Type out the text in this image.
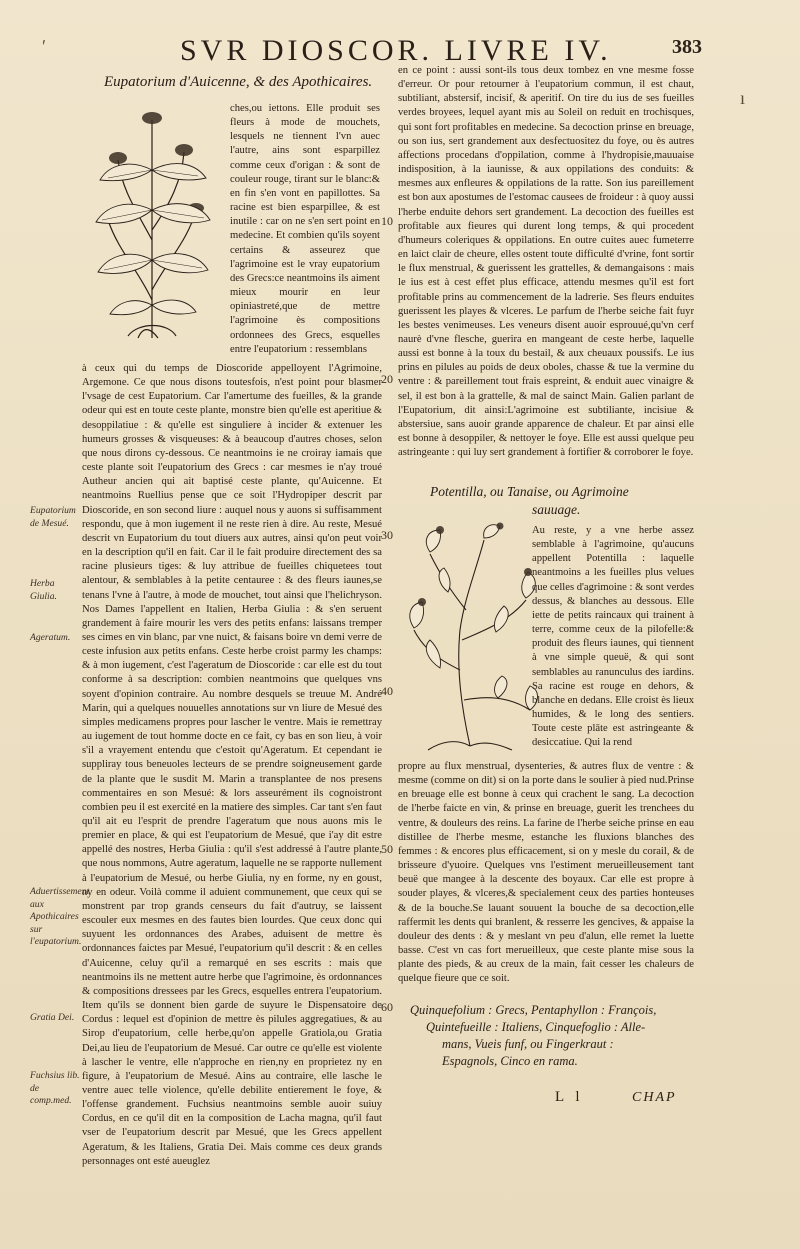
SVR DIOSCOR. LIVRE IV.	383
ʹ
ı
Eupatorium d'Auicenne, & des Apothicaires.

ches,ou iettons. Elle produit ses fleurs à mode de mouchets, lesquels ne tiennent l'vn auec l'autre, ains sont esparpillez comme ceux d'origan : & sont de couleur rouge, tirant sur le blanc:& en fin s'en vont en papillottes. Sa racine est bien esparpillee, & est inutile : car on ne s'en sert point en medecine. Et combien qu'ils soyent certains & asseurez que l'agrimoine est le vray eupatorium des Grecs:ce neantmoins ils aiment mieux mourir en leur opiniastreté,que de mettre l'agrimoine ès compositions ordonnees des Grecs, esquelles entre l'eupatorium : ressemblans

à ceux qui du temps de Dioscoride appelloyent l'Agrimoine, Argemone. Ce que nous disons toutesfois, n'est point pour blasmer l'vsage de cest Eupatorium. Car l'amertume des fueilles, & la grande odeur qui est en toute ceste plante, monstre bien qu'elle est aperitiue & desoppilatiue : & qu'elle est singuliere à incider & extenuer les humeurs grosses & visqueuses: & à beaucoup d'autres choses, selon que nous dirons cy-dessous. Ce neantmoins ie ne croiray iamais que ceste plante soit l'eupatorium des Grecs : car mesmes ie n'ay troué Autheur ancien qui ait baptisé ceste plante, qu'Auicenne. Et neantmoins Ruellius pense que ce soit l'Hydropiper descrit par Dioscoride, en son second liure : auquel nous y auons si suffisamment respondu, que à mon iugement il ne reste rien à dire. Au reste, Mesué descrit vn Eupatorium du tout diuers aux autres, ainsi qu'on peut voir en la description qu'il en fait. Car il le fait produire directement des sa racine plusieurs tiges: & luy attribue de fueilles chiquetees tout alentour, & semblables à la petite centauree : & des fleurs iaunes,se tenans l'vne à l'autre, à mode de mouchet, tout ainsi que l'helichryson. Nos Dames l'appellent en Italien, Herba Giulia : & s'en seruent grandement à faire mourir les vers des petits enfans: laissans tremper ses cimes en vin blanc, par vne nuict, & faisans boire vn demi verre de ceste infusion aux petits enfans. Ceste herbe croist parmy les champs: & à mon iugement, c'est l'ageratum de Dioscoride : car elle est du tout conforme à sa description: combien neantmoins que quelques vns soyent d'opinion contraire. Au nombre desquels se treuue M. André Marin, qui a quelques nouuelles annotations sur vn liure de Mesué des simples medicamens propres pour lascher le ventre. Mais ie remettray au iugement de tout homme docte en ce fait, cy bas en son lieu, à voir s'il a vrayement entendu que c'estoit qu'Ageratum. Et cependant ie suppliray tous beneuoles lecteurs de se prendre soigneusement garde de la plante que le susdit M. Marin a transplantee de nos presens commentaires en son Mesué: & lors asseurément ils cognoistront combien peu il est exercité en la matiere des simples. Car tant s'en faut qu'il ait eu l'esprit de prendre l'ageratum que nous auons mis le premier en place, & qui est l'eupatorium de Mesué, que i'ay dit estre appellé des nostres, Herba Giulia : qu'il s'est addressé à l'autre plante, que nous nommons, Autre ageratum, laquelle ne se rapporte nullement à l'eupatorium de Mesué, ou herbe Giulia, ny en forme, ny en goust, ny en odeur. Voilà comme il aduient communement, que ceux qui se monstrent par trop grands censeurs du fait d'autruy, se laissent escouler eux mesmes en des fautes bien lourdes. Que ceux donc qui suyuent les ordonnances des Arabes, aduisent de mettre ès ordonnances faictes par Mesué, l'eupatorium qu'il descrit : & en celles d'Auicenne, celuy qu'il a remarqué en ses escrits : mais que neantmoins ils ne mettent autre herbe que l'agrimoine, ès ordonnances & compositions dressees par les Grecs, esquelles entrera l'eupatorium. Item qu'ils se donnent bien garde de suyure le Dispensatoire de Cordus : lequel est d'opinion de mettre ès pilules aggregatiues, & au Sirop d'eupatorium, celle herbe,qu'on appelle Gratiola,ou Gratia Dei,au lieu de l'eupatorium de Mesué. Car outre ce qu'elle est violente à lascher le ventre, elle n'approche en rien,ny en proprietez ny en figure, à l'eupatorium de Mesué. Ains au contraire, elle lasche le ventre auec telle violence, qu'elle debilite entierement le foye, & l'offense grandement. Fuchsius neantmoins semble auoir suiuy Cordus, en ce qu'il dit en la composition de Lacha magna, qu'il faut vser de l'eupatorium descrit par Mesué, que les Grecs appellent Ageratum, & les Italiens, Gratia Dei. Mais comme ces deux grands personnages ont esté aueuglez

Eupatorium de Mesué.
Herba Giulia.
Ageratum.
Aduertissement aux Apothicaires sur l'eupatorium.
Gratia Dei.
Fuchsius lib. de comp.med.
10
20
30
40
50
60

en ce point : aussi sont-ils tous deux tombez en vne mesme fosse d'erreur. Or pour retourner à l'eupatorium commun, il est chaut, subtiliant, abstersif, incisif, & aperitif. On tire du ius de ses fueilles verdes broyees, lequel ayant mis au Soleil on reduit en trochisques, qui sont fort profitables en medecine. Sa decoction prinse en breuage, ou son ius, sert grandement aux desfectuositez du foye, ou ès autres affections procedans d'oppilation, comme à l'hydropisie,mauuaise indisposition, à la iaunisse, & aux oppilations des conduits: & mesmes aux enfleures & oppilations de la ratte. Son ius pareillement est bon aux apostumes de l'estomac causees de froideur : à quoy aussi l'herbe enduite dehors sert grandement. La decoction des fueilles est profitable aux fieures qui durent long temps, & qui procedent d'humeurs coleriques & oppilations. En outre cuites auec fumeterre en laict clair de cheure, elles ostent toute difficulté d'vrine, font sortir le flux menstrual, & guerissent les grattelles, & demangaisons : mais le ius est à cest effet plus efficace, attendu mesmes qu'il est fort profitable prins au commencement de la ladrerie. Ses fleurs enduites guerissent les playes & vlceres. Le parfum de l'herbe seiche fait fuyr les bestes venimeuses. Les veneurs disent auoir esprouué,qu'vn cerf naurè d'vne flesche, guerira en mangeant de ceste herbe, laquelle aussi est bonne à la toux du bestail, & aux cheuaux poussifs. Le ius prins en pilules au poids de deux oboles, chasse & tue la vermine du ventre : & pareillement tout frais espreint, & enduit auec vinaigre & sel, il est bon à la grattelle, & mal de sainct Main. Galien parlant de l'Eupatorium, dit ainsi:L'agrimoine est subtiliante, incisiue & abstersiue, sans auoir grande apparence de chaleur. Et par ainsi elle est bonne à desoppiler, & nettoyer le foye. Elle est aussi quelque peu astringeante : qui luy sert grandement à fortifier & corroborer le foye.

Potentilla, ou Tanaise, ou Agrimoine
sauuage.

Au reste, y a vne herbe assez semblable à l'agrimoine, qu'aucuns appellent Potentilla : laquelle neantmoins a les fueilles plus velues que celles d'agrimoine : & sont verdes dessus, & blanches au dessous. Elle iette de petits raincaux qui trainent à terre, comme ceux de la pilofelle:& produit des fleurs iaunes, qui tiennent à vne simple queuë, & qui sont semblables au ranunculus des iardins. Sa racine est rouge en dehors, & blanche en dedans. Elle croist ès lieux humides, & le long des sentiers. Toute ceste plāte est astringeante & desiccatiue. Qui la rend

propre au flux menstrual, dysenteries, & autres flux de ventre : & mesme (comme on dit) si on la porte dans le soulier à pied nud.Prinse en breuage elle est bonne à ceux qui crachent le sang. La decoction de l'herbe faicte en vin, & prinse en breuage, guerit les trenchees du ventre, & douleurs des reins. La farine de l'herbe seiche prinse en eau distillee de l'herbe mesme, estanche les fluxions blanches des femmes : & encores plus efficacement, si on y mesle du corail, & de brisseure d'yuoire. Quelques vns l'estiment merueilleusement tant beuë que mangee à la descente des boyaux. Car elle est propre à souder playes, & vlceres,& specialement ceux des parties honteuses & de la bouche.Se lauant souuent la bouche de sa decoction,elle raffermit les dents qui branlent, & resserre les gencives, & appaise la douleur des dents : & y meslant vn peu d'alun, elle remet la luette basse. C'est vn cas fort merueilleux, que ceste plante mise sous la plante des pieds, & au creux de la main, fait cesser les chaleurs de quelque fieure que ce soit.

Quinquefolium : Grecs, Pentaphyllon : François,

Quintefueille : Italiens, Cinquefoglio : Alle-

mans, Vueis funf, ou Fingerkraut :

Espagnols, Cinco en rama.

L l	CHAP
